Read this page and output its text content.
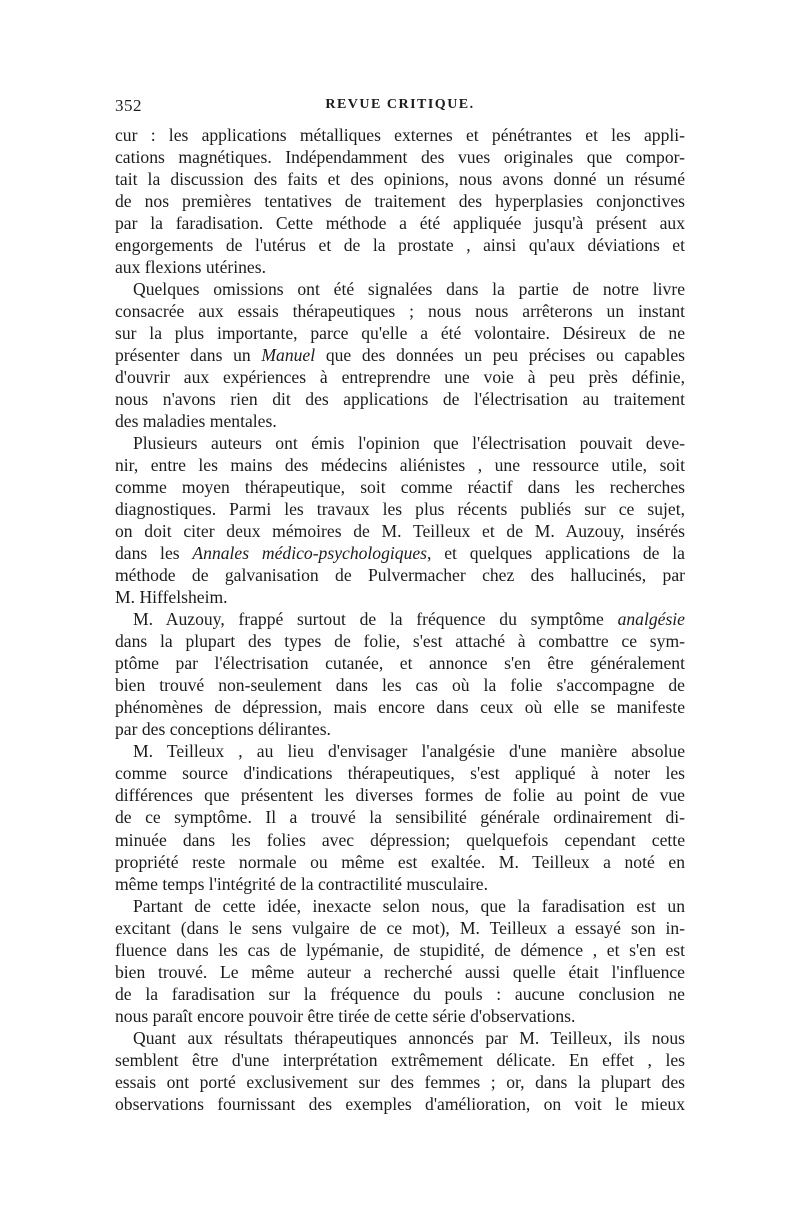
352	REVUE CRITIQUE.
cur : les applications métalliques externes et pénétrantes et les appli-
cations magnétiques. Indépendamment des vues originales que compor-
tait la discussion des faits et des opinions, nous avons donné un résumé
de nos premières tentatives de traitement des hyperplasies conjonctives
par la faradisation. Cette méthode a été appliquée jusqu'à présent aux
engorgements de l'utérus et de la prostate , ainsi qu'aux déviations et
aux flexions utérines.
Quelques omissions ont été signalées dans la partie de notre livre
consacrée aux essais thérapeutiques ; nous nous arrêterons un instant
sur la plus importante, parce qu'elle a été volontaire. Désireux de ne
présenter dans un Manuel que des données un peu précises ou capables
d'ouvrir aux expériences à entreprendre une voie à peu près définie,
nous n'avons rien dit des applications de l'électrisation au traitement
des maladies mentales.
Plusieurs auteurs ont émis l'opinion que l'électrisation pouvait deve-
nir, entre les mains des médecins aliénistes , une ressource utile, soit
comme moyen thérapeutique, soit comme réactif dans les recherches
diagnostiques. Parmi les travaux les plus récents publiés sur ce sujet,
on doit citer deux mémoires de M. Teilleux et de M. Auzouy, insérés
dans les Annales médico-psychologiques, et quelques applications de la
méthode de galvanisation de Pulvermacher chez des hallucinés, par
M. Hiffelsheim.
M. Auzouy, frappé surtout de la fréquence du symptôme analgésie
dans la plupart des types de folie, s'est attaché à combattre ce sym-
ptôme par l'électrisation cutanée, et annonce s'en être généralement
bien trouvé non-seulement dans les cas où la folie s'accompagne de
phénomènes de dépression, mais encore dans ceux où elle se manifeste
par des conceptions délirantes.
M. Teilleux , au lieu d'envisager l'analgésie d'une manière absolue
comme source d'indications thérapeutiques, s'est appliqué à noter les
différences que présentent les diverses formes de folie au point de vue
de ce symptôme. Il a trouvé la sensibilité générale ordinairement di-
minuée dans les folies avec dépression; quelquefois cependant cette
propriété reste normale ou même est exaltée. M. Teilleux a noté en
même temps l'intégrité de la contractilité musculaire.
Partant de cette idée, inexacte selon nous, que la faradisation est un
excitant (dans le sens vulgaire de ce mot), M. Teilleux a essayé son in-
fluence dans les cas de lypémanie, de stupidité, de démence , et s'en est
bien trouvé. Le même auteur a recherché aussi quelle était l'influence
de la faradisation sur la fréquence du pouls : aucune conclusion ne
nous paraît encore pouvoir être tirée de cette série d'observations.
Quant aux résultats thérapeutiques annoncés par M. Teilleux, ils nous
semblent être d'une interprétation extrêmement délicate. En effet , les
essais ont porté exclusivement sur des femmes ; or, dans la plupart des
observations fournissant des exemples d'amélioration, on voit le mieux
